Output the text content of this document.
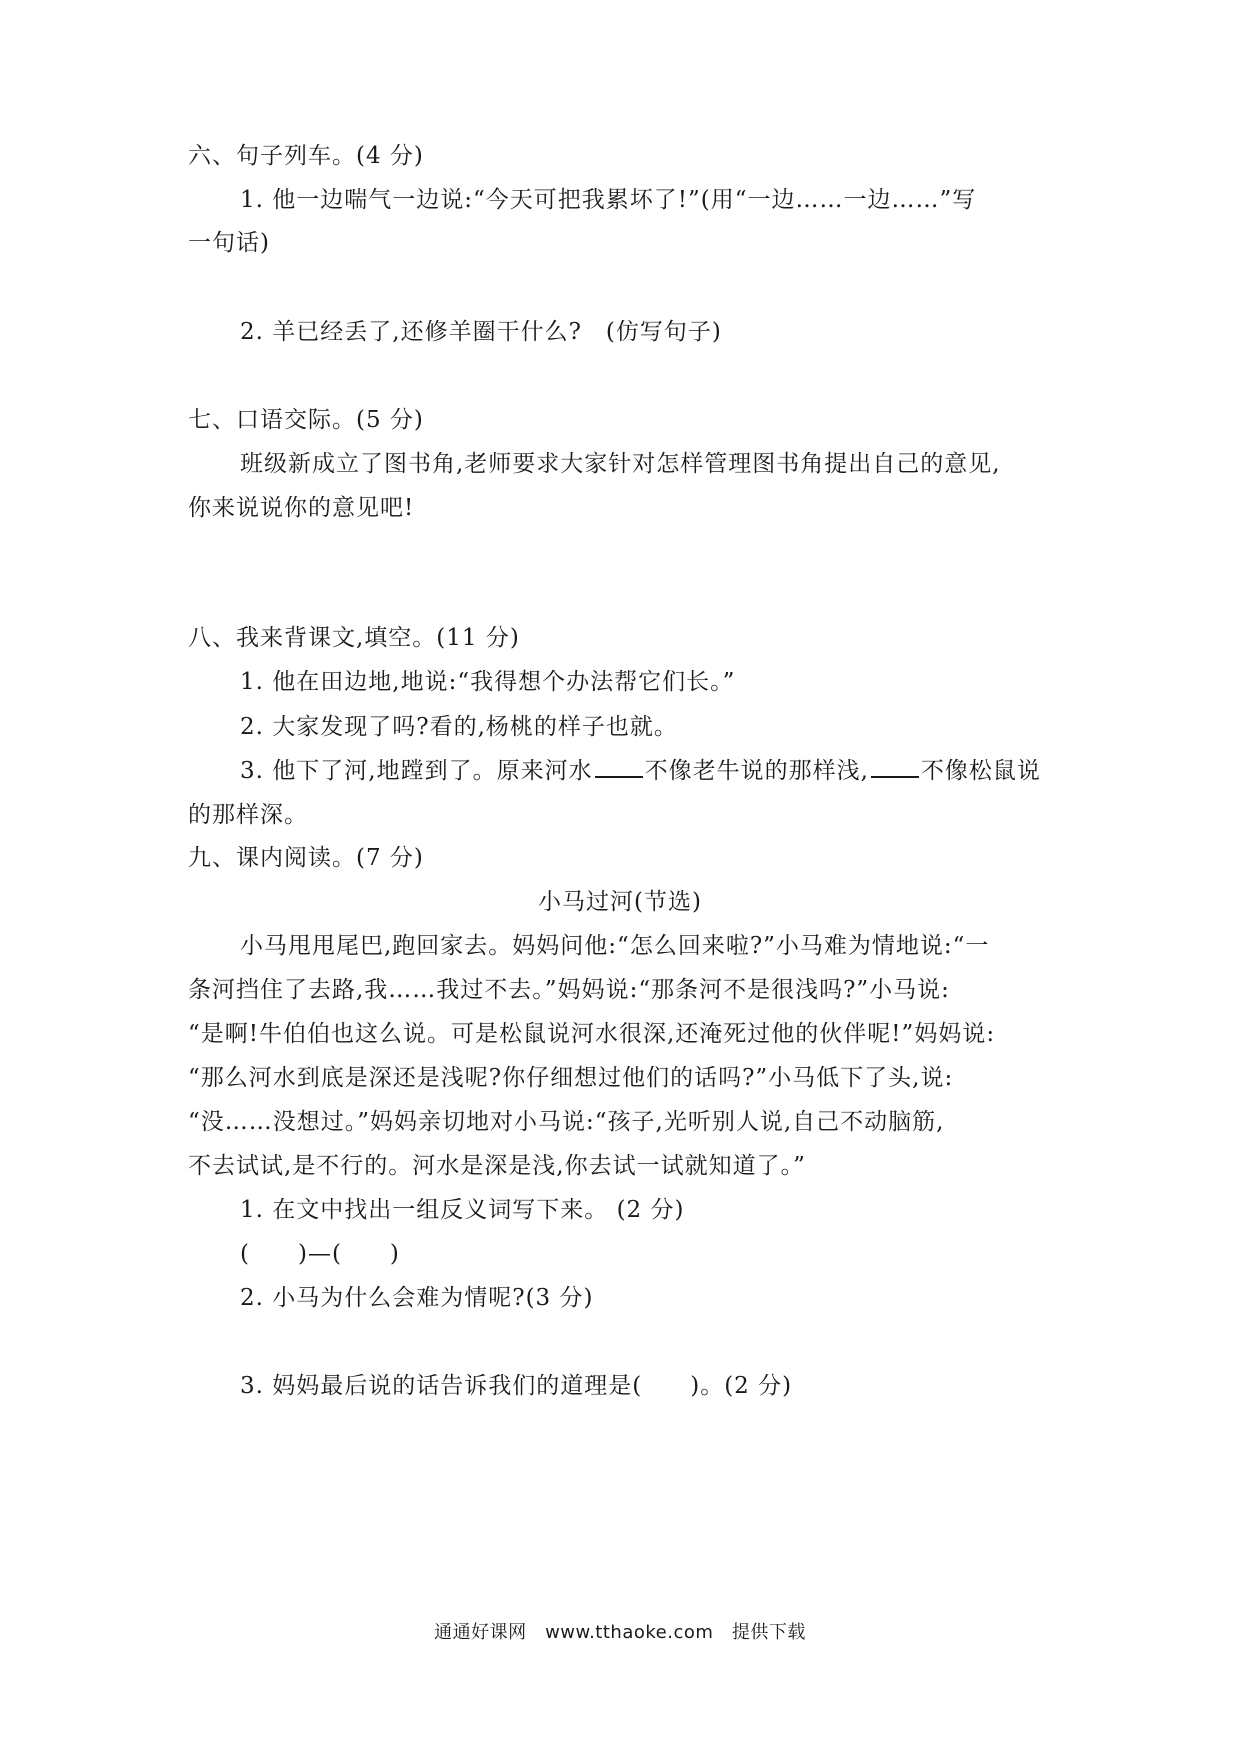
六、句子列车。(4 分)
1. 他一边喘气一边说:“今天可把我累坏了!”(用“一边……一边……”写
一句话)
2. 羊已经丢了,还修羊圈干什么?　(仿写句子)
七、口语交际。(5 分)
班级新成立了图书角,老师要求大家针对怎样管理图书角提出自己的意见,
你来说说你的意见吧!
八、我来背课文,填空。(11 分)
1. 他在田边地,地说:“我得想个办法帮它们长。”
2. 大家发现了吗?看的,杨桃的样子也就。
3. 他下了河,地蹚到了。原来河水 不像老牛说的那样浅, 不像松鼠说
的那样深。
九、课内阅读。(7 分)
小马过河(节选)
小马甩甩尾巴,跑回家去。妈妈问他:“怎么回来啦?”小马难为情地说:“一
条河挡住了去路,我……我过不去。”妈妈说:“那条河不是很浅吗?”小马说:
“是啊!牛伯伯也这么说。可是松鼠说河水很深,还淹死过他的伙伴呢!”妈妈说:
“那么河水到底是深还是浅呢?你仔细想过他们的话吗?”小马低下了头,说:
“没……没想过。”妈妈亲切地对小马说:“孩子,光听别人说,自己不动脑筋,
不去试试,是不行的。河水是深是浅,你去试一试就知道了。”
1. 在文中找出一组反义词写下来。 (2 分)
(　　)—(　　)
2. 小马为什么会难为情呢?(3 分)
3. 妈妈最后说的话告诉我们的道理是(　　)。(2 分)
通通好课网　www.tthaoke.com　提供下载
